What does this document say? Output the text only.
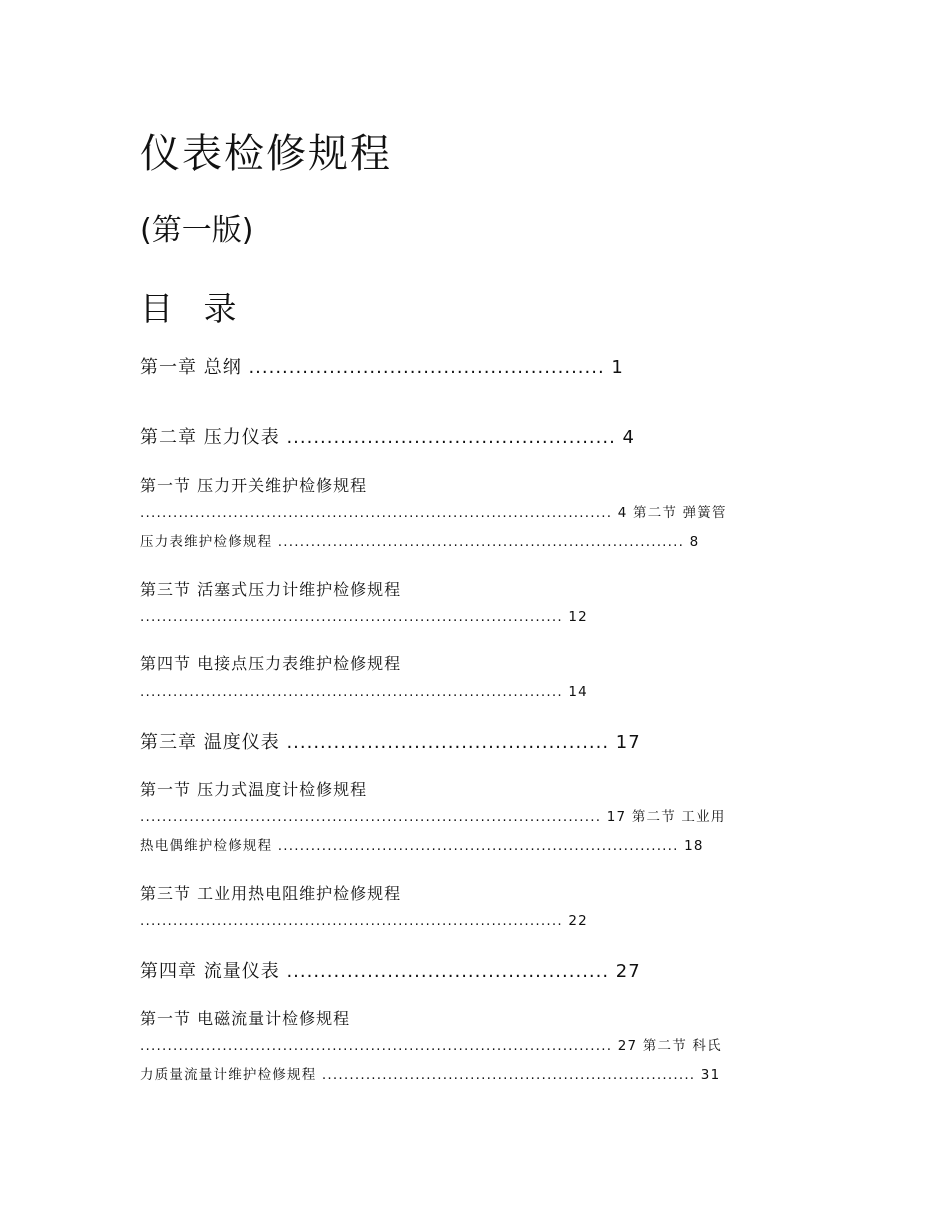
仪表检修规程
(第一版)
目 录
第一章 总纲 ..................................................... 1
第二章 压力仪表 ................................................. 4
第一节 压力开关维护检修规程
...................................................................................... 4 第二节 弹簧管
压力表维护检修规程 .......................................................................... 8
第三节 活塞式压力计维护检修规程
............................................................................. 12
第四节 电接点压力表维护检修规程
............................................................................. 14
第三章 温度仪表 ................................................ 17
第一节 压力式温度计检修规程
.................................................................................... 17 第二节 工业用
热电偶维护检修规程 ......................................................................... 18
第三节 工业用热电阻维护检修规程
............................................................................. 22
第四章 流量仪表 ................................................ 27
第一节 电磁流量计检修规程
...................................................................................... 27 第二节 科氏
力质量流量计维护检修规程 .................................................................... 31
